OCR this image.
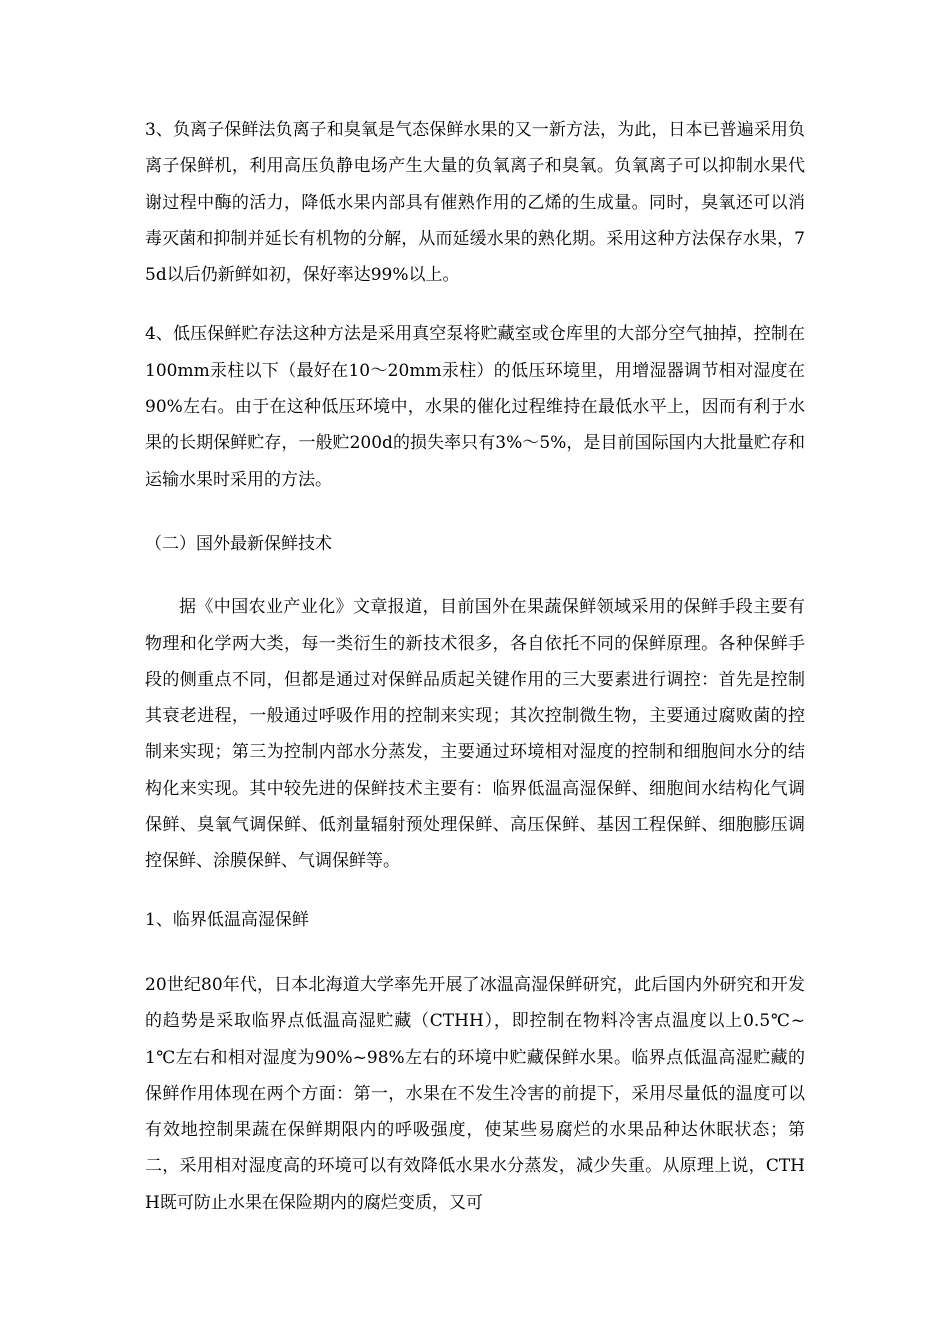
3、负离子保鲜法负离子和臭氧是气态保鲜水果的又一新方法，为此，日本已普遍采用负离子保鲜机，利用高压负静电场产生大量的负氧离子和臭氧。负氧离子可以抑制水果代谢过程中酶的活力，降低水果内部具有催熟作用的乙烯的生成量。同时，臭氧还可以消毒灭菌和抑制并延长有机物的分解，从而延缓水果的熟化期。采用这种方法保存水果，75d以后仍新鲜如初，保好率达99%以上。

4、低压保鲜贮存法这种方法是采用真空泵将贮藏室或仓库里的大部分空气抽掉，控制在100mm汞柱以下（最好在10～20mm汞柱）的低压环境里，用增湿器调节相对湿度在90%左右。由于在这种低压环境中，水果的催化过程维持在最低水平上，因而有利于水果的长期保鲜贮存，一般贮200d的损失率只有3%～5%，是目前国际国内大批量贮存和运输水果时采用的方法。

（二）国外最新保鲜技术

据《中国农业产业化》文章报道，目前国外在果蔬保鲜领域采用的保鲜手段主要有物理和化学两大类，每一类衍生的新技术很多，各自依托不同的保鲜原理。各种保鲜手段的侧重点不同，但都是通过对保鲜品质起关键作用的三大要素进行调控：首先是控制其衰老进程，一般通过呼吸作用的控制来实现；其次控制微生物，主要通过腐败菌的控制来实现；第三为控制内部水分蒸发，主要通过环境相对湿度的控制和细胞间水分的结构化来实现。其中较先进的保鲜技术主要有：临界低温高湿保鲜、细胞间水结构化气调保鲜、臭氧气调保鲜、低剂量辐射预处理保鲜、高压保鲜、基因工程保鲜、细胞膨压调控保鲜、涂膜保鲜、气调保鲜等。

1、临界低温高湿保鲜

20世纪80年代，日本北海道大学率先开展了冰温高湿保鲜研究，此后国内外研究和开发的趋势是采取临界点低温高湿贮藏（CTHH），即控制在物料冷害点温度以上0.5℃~1℃左右和相对湿度为90%~98%左右的环境中贮藏保鲜水果。临界点低温高湿贮藏的保鲜作用体现在两个方面：第一，水果在不发生冷害的前提下，采用尽量低的温度可以有效地控制果蔬在保鲜期限内的呼吸强度，使某些易腐烂的水果品种达休眠状态；第二，采用相对湿度高的环境可以有效降低水果水分蒸发，减少失重。从原理上说，CTHH既可防止水果在保险期内的腐烂变质，又可
